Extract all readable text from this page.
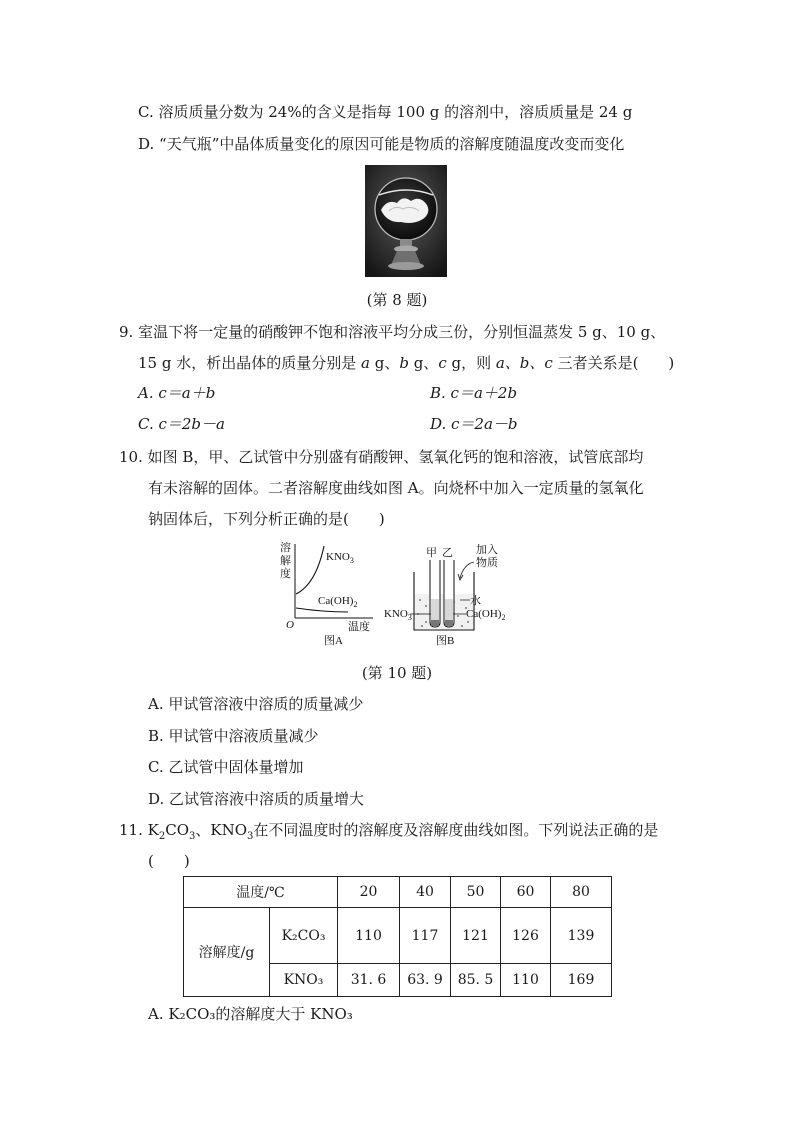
C. 溶质质量分数为 24%的含义是指每 100 g 的溶剂中，溶质质量是 24 g
D. “天气瓶”中晶体质量变化的原因可能是物质的溶解度随温度改变而变化
(第 8 题)
9. 室温下将一定量的硝酸钾不饱和溶液平均分成三份，分别恒温蒸发 5 g、10 g、
15 g 水，析出晶体的质量分别是 a g、b g、c g，则 a、b、c 三者关系是(　　)
A. c＝a＋b	B. c＝a＋2b
C. c＝2b－a	D. c＝2a－b
10. 如图 B，甲、乙试管中分别盛有硝酸钾、氢氧化钙的饱和溶液，试管底部均
有未溶解的固体。二者溶解度曲线如图 A。向烧杯中加入一定质量的氢氧化
钠固体后，下列分析正确的是(　　)
溶
解
度
$KNO_3$
$Ca(OH)_2$
O	温度
图A
甲 乙 加入
物质
水
$KNO_3$	$Ca(OH)_2$
图B
(第 10 题)
A. 甲试管溶液中溶质的质量减少
B. 甲试管中溶液质量减少
C. 乙试管中固体量增加
D. 乙试管溶液中溶质的质量增大
11. $K_2CO_3$、$KNO_3$在不同温度时的溶解度及溶解度曲线如图。下列说法正确的是
(　　)
温度/℃		20	40	50	60	80
溶解度/g	K₂CO₃	110	117	121	126	139
	KNO₃	31. 6	63. 9	85. 5	110	169
A. K₂CO₃的溶解度大于 KNO₃
